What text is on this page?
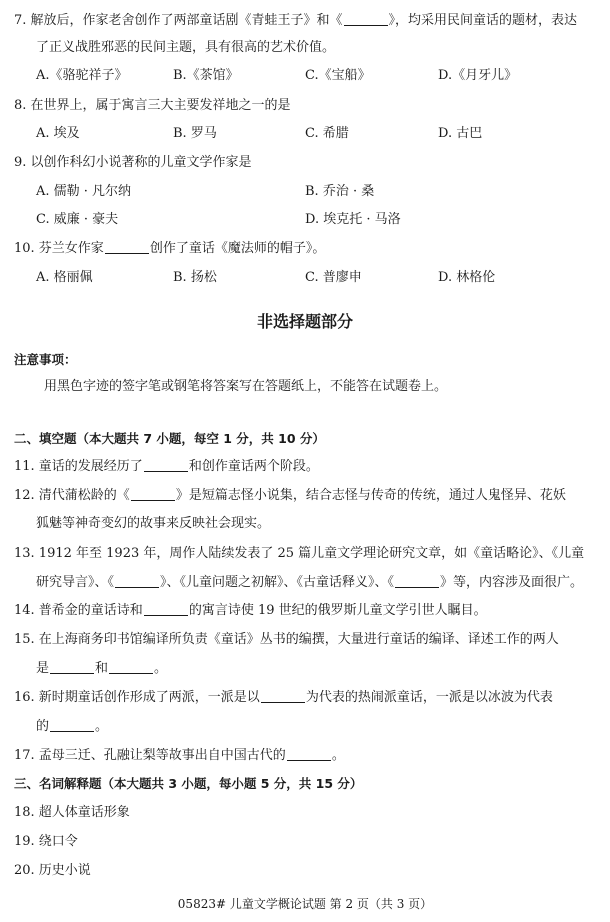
7. 解放后，作家老舍创作了两部童话剧《青蛙王子》和《	》，均采用民间童话的题材，表达
了正义战胜邪恶的民间主题，具有很高的艺术价值。
A.《骆驼祥子》	B.《茶馆》	C.《宝船》	D.《月牙儿》
8. 在世界上，属于寓言三大主要发祥地之一的是
A. 埃及	B. 罗马	C. 希腊	D. 古巴
9. 以创作科幻小说著称的儿童文学作家是
A. 儒勒 · 凡尔纳	B. 乔治 · 桑
C. 威廉 · 豪夫	D. 埃克托 · 马洛
10. 芬兰女作家	创作了童话《魔法师的帽子》。
A. 格丽佩	B. 扬松	C. 普廖申	D. 林格伦
非选择题部分
注意事项：
用黑色字迹的签字笔或钢笔将答案写在答题纸上，不能答在试题卷上。
二、填空题（本大题共 7 小题，每空 1 分，共 10 分）
11. 童话的发展经历了	和创作童话两个阶段。
12. 清代蒲松龄的《	》是短篇志怪小说集，结合志怪与传奇的传统，通过人鬼怪异、花妖
狐魅等神奇变幻的故事来反映社会现实。
13. 1912 年至 1923 年，周作人陆续发表了 25 篇儿童文学理论研究文章，如《童话略论》、《儿童
研究导言》、《	》、《儿童问题之初解》、《古童话释义》、《	》等，内容涉及面很广。
14. 普希金的童话诗和	的寓言诗使 19 世纪的俄罗斯儿童文学引世人瞩目。
15. 在上海商务印书馆编译所负责《童话》丛书的编撰，大量进行童话的编译、译述工作的两人
是	和	。
16. 新时期童话创作形成了两派，一派是以	为代表的热闹派童话，一派是以冰波为代表
的	。
17. 孟母三迁、孔融让梨等故事出自中国古代的	。
三、名词解释题（本大题共 3 小题，每小题 5 分，共 15 分）
18. 超人体童话形象
19. 绕口令
20. 历史小说
05823# 儿童文学概论试题 第 2 页（共 3 页）
